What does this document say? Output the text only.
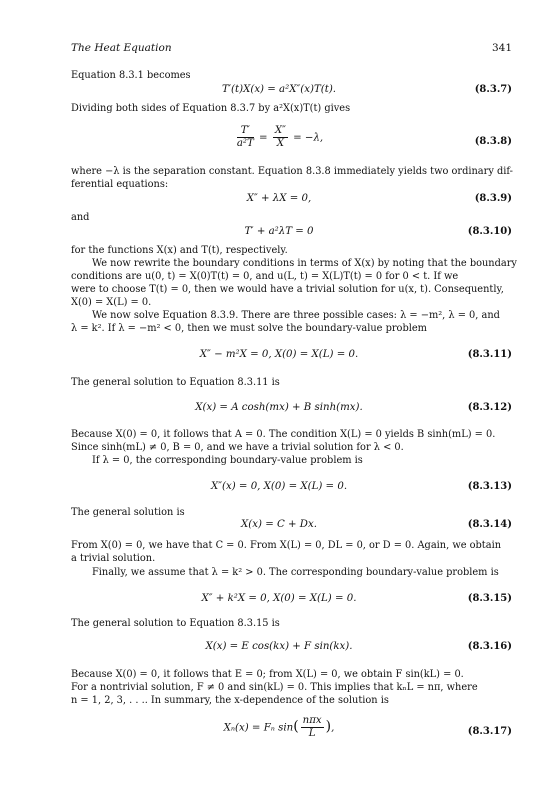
The Heat Equation	341
Equation 8.3.1 becomes
T′(t)X(x) = a²X″(x)T(t).	(8.3.7)
Dividing both sides of Equation 8.3.7 by a²X(x)T(t) gives
$\frac{T'}{\text{a²T}} = \frac{X''}{X} = -\lambda$,	(8.3.8)
where −λ is the separation constant. Equation 8.3.8 immediately yields two ordinary dif-
ferential equations:
X″ + λX = 0,	(8.3.9)
and
T′ + a²λT = 0	(8.3.10)
for the functions X(x) and T(t), respectively.
We now rewrite the boundary conditions in terms of X(x) by noting that the boundary
conditions are u(0, t) = X(0)T(t) = 0, and u(L, t) = X(L)T(t) = 0 for 0 < t. If we
were to choose T(t) = 0, then we would have a trivial solution for u(x, t). Consequently,
X(0) = X(L) = 0.
We now solve Equation 8.3.9. There are three possible cases: λ = −m², λ = 0, and
λ = k². If λ = −m² < 0, then we must solve the boundary-value problem
X″ − m²X = 0, X(0) = X(L) = 0.	(8.3.11)
The general solution to Equation 8.3.11 is
X(x) = A cosh(mx) + B sinh(mx).	(8.3.12)
Because X(0) = 0, it follows that A = 0. The condition X(L) = 0 yields B sinh(mL) = 0.
Since sinh(mL) ≠ 0, B = 0, and we have a trivial solution for λ < 0.
If λ = 0, the corresponding boundary-value problem is
X″(x) = 0, X(0) = X(L) = 0.	(8.3.13)
The general solution is
X(x) = C + Dx.	(8.3.14)
From X(0) = 0, we have that C = 0. From X(L) = 0, DL = 0, or D = 0. Again, we obtain
a trivial solution.
Finally, we assume that λ = k² > 0. The corresponding boundary-value problem is
X″ + k²X = 0, X(0) = X(L) = 0.	(8.3.15)
The general solution to Equation 8.3.15 is
X(x) = E cos(kx) + F sin(kx).	(8.3.16)
Because X(0) = 0, it follows that E = 0; from X(L) = 0, we obtain F sin(kL) = 0.
For a nontrivial solution, F ≠ 0 and sin(kL) = 0. This implies that kₙL = nπ, where
n = 1, 2, 3, . . .. In summary, the x-dependence of the solution is
Xₙ(x) = Fₙ $\sin( \frac{\text{nπx}}{L}$ ),	(8.3.17)
